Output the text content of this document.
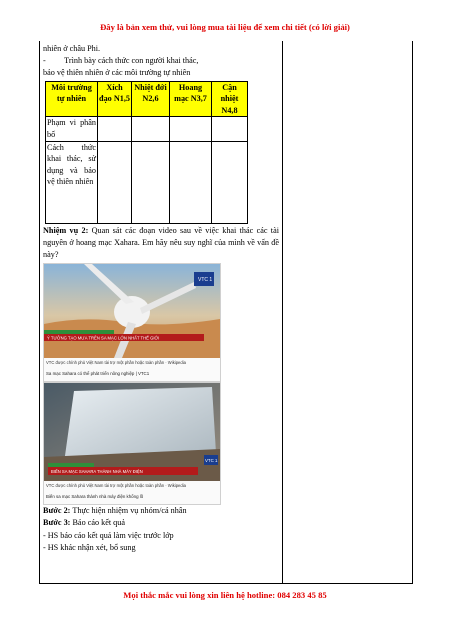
Đây là bản xem thử, vui lòng mua tài liệu để xem chi tiết (có lời giải)

nhiên ở châu Phi.

-         Trình bày cách thức con người khai thác,

bảo vệ thiên nhiên ở các môi trường tự nhiên

Môi trường tự nhiên	Xích đạo N1,5	Nhiệt đới N2,6	Hoang mạc N3,7	Cận nhiệt N4,8
Phạm vi phân bố				
Cách thức khai thác, sử dụng và bảo vệ thiên nhiên				

Nhiệm vụ 2: Quan sát các đoạn video sau về việc khai thác các tài nguyên ở hoang mạc Xahara. Em hãy nêu suy nghĩ của mình về vấn đề này?

Ý TƯỞNG TẠO MƯA TRÊN SA MẠC LỚN NHẤT THẾ GIỚI
VTC 1
VTC được chính phủ Việt Nam tài trợ một phần hoặc toàn phần · Wikipedia
Sa mạc Sahara có thể phát triển nông nghiệp | VTC1
BIẾN SA MẠC SAHARA THÀNH NHÀ MÁY ĐIỆN
VTC 1
VTC được chính phủ Việt Nam tài trợ một phần hoặc toàn phần · Wikipedia
Biến sa mạc Sahara thành nhà máy điện khổng lồ

Bước 2: Thực hiện nhiệm vụ nhóm/cá nhân

Bước 3: Báo cáo kết quả

- HS báo cáo kết quả làm việc trước lớp

- HS khác nhận xét, bổ sung

Mọi thắc mắc vui lòng xin liên hệ hotline: 084 283 45 85
